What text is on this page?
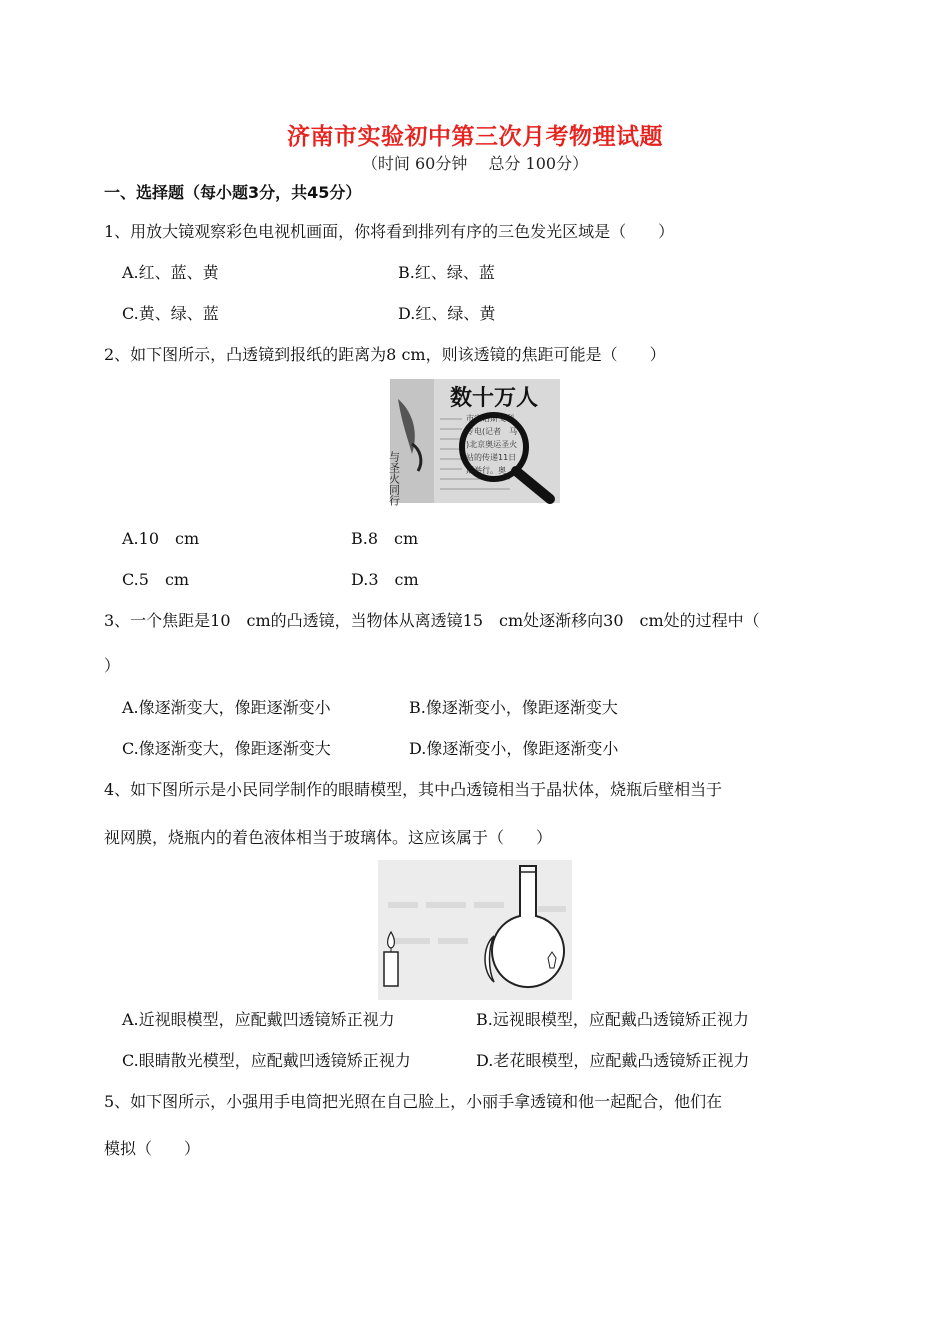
济南市实验初中第三次月考物理试题
（时间 60分钟　 总分 100分）
一、选择题（每小题3分，共45分）
1、用放大镜观察彩色电视机画面，你将看到排列有序的三色发光区域是（　　）
A.红、蓝、黄	B.红、绿、蓝
C.黄、绿、蓝	D.红、绿、黄
2、如下图所示，凸透镜到报纸的距离为8 cm，则该透镜的焦距可能是（　　）
与圣火同行
数十万人
市宣话斯艾利
专电(记者　马
)北京奥运圣火
站的传递11日
斯举行。奥
A.10　cm	B.8　cm
C.5　cm	D.3　cm
3、一个焦距是10　cm的凸透镜，当物体从离透镜15　cm处逐渐移向30　cm处的过程中（
）
A.像逐渐变大，像距逐渐变小	B.像逐渐变小，像距逐渐变大
C.像逐渐变大，像距逐渐变大	D.像逐渐变小，像距逐渐变小
4、如下图所示是小民同学制作的眼睛模型，其中凸透镜相当于晶状体，烧瓶后壁相当于
视网膜，烧瓶内的着色液体相当于玻璃体。这应该属于（　　）
A.近视眼模型，应配戴凹透镜矫正视力	B.远视眼模型，应配戴凸透镜矫正视力
C.眼睛散光模型，应配戴凹透镜矫正视力	D.老花眼模型，应配戴凸透镜矫正视力
5、如下图所示，小强用手电筒把光照在自己脸上，小丽手拿透镜和他一起配合，他们在
模拟（　　）
